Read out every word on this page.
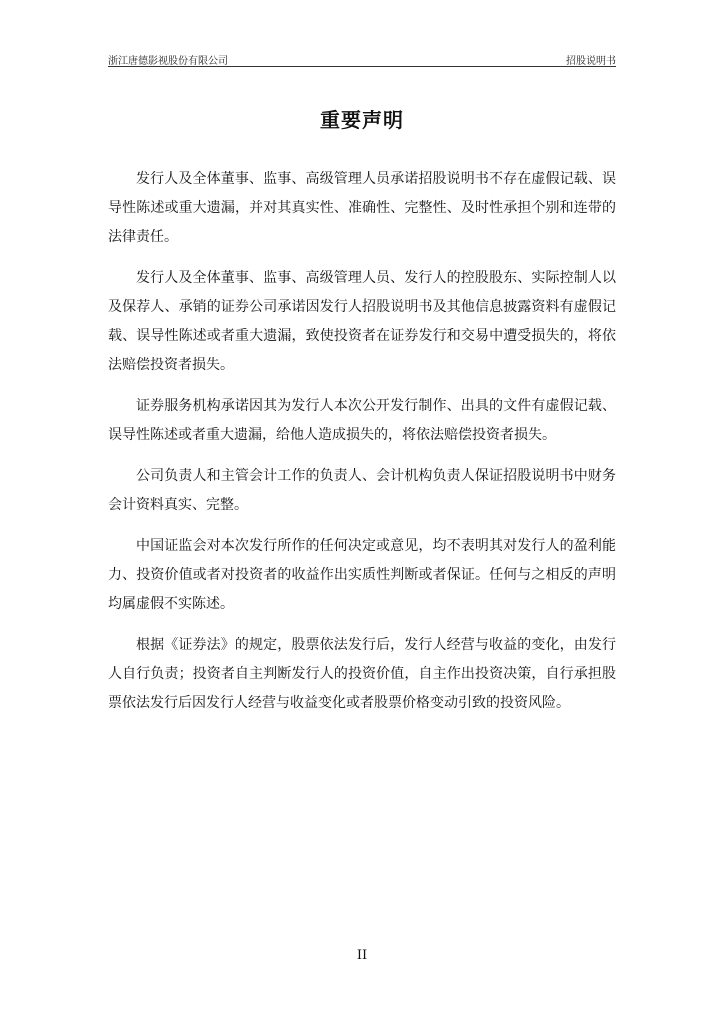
浙江唐德影视股份有限公司	招股说明书
重要声明

发行人及全体董事、监事、高级管理人员承诺招股说明书不存在虚假记载、误导性陈述或重大遗漏，并对其真实性、准确性、完整性、及时性承担个别和连带的法律责任。

发行人及全体董事、监事、高级管理人员、发行人的控股股东、实际控制人以及保荐人、承销的证券公司承诺因发行人招股说明书及其他信息披露资料有虚假记载、误导性陈述或者重大遗漏，致使投资者在证券发行和交易中遭受损失的，将依法赔偿投资者损失。

证券服务机构承诺因其为发行人本次公开发行制作、出具的文件有虚假记载、误导性陈述或者重大遗漏，给他人造成损失的，将依法赔偿投资者损失。

公司负责人和主管会计工作的负责人、会计机构负责人保证招股说明书中财务会计资料真实、完整。

中国证监会对本次发行所作的任何决定或意见，均不表明其对发行人的盈利能力、投资价值或者对投资者的收益作出实质性判断或者保证。任何与之相反的声明均属虚假不实陈述。

根据《证券法》的规定，股票依法发行后，发行人经营与收益的变化，由发行人自行负责；投资者自主判断发行人的投资价值，自主作出投资决策，自行承担股票依法发行后因发行人经营与收益变化或者股票价格变动引致的投资风险。

II
